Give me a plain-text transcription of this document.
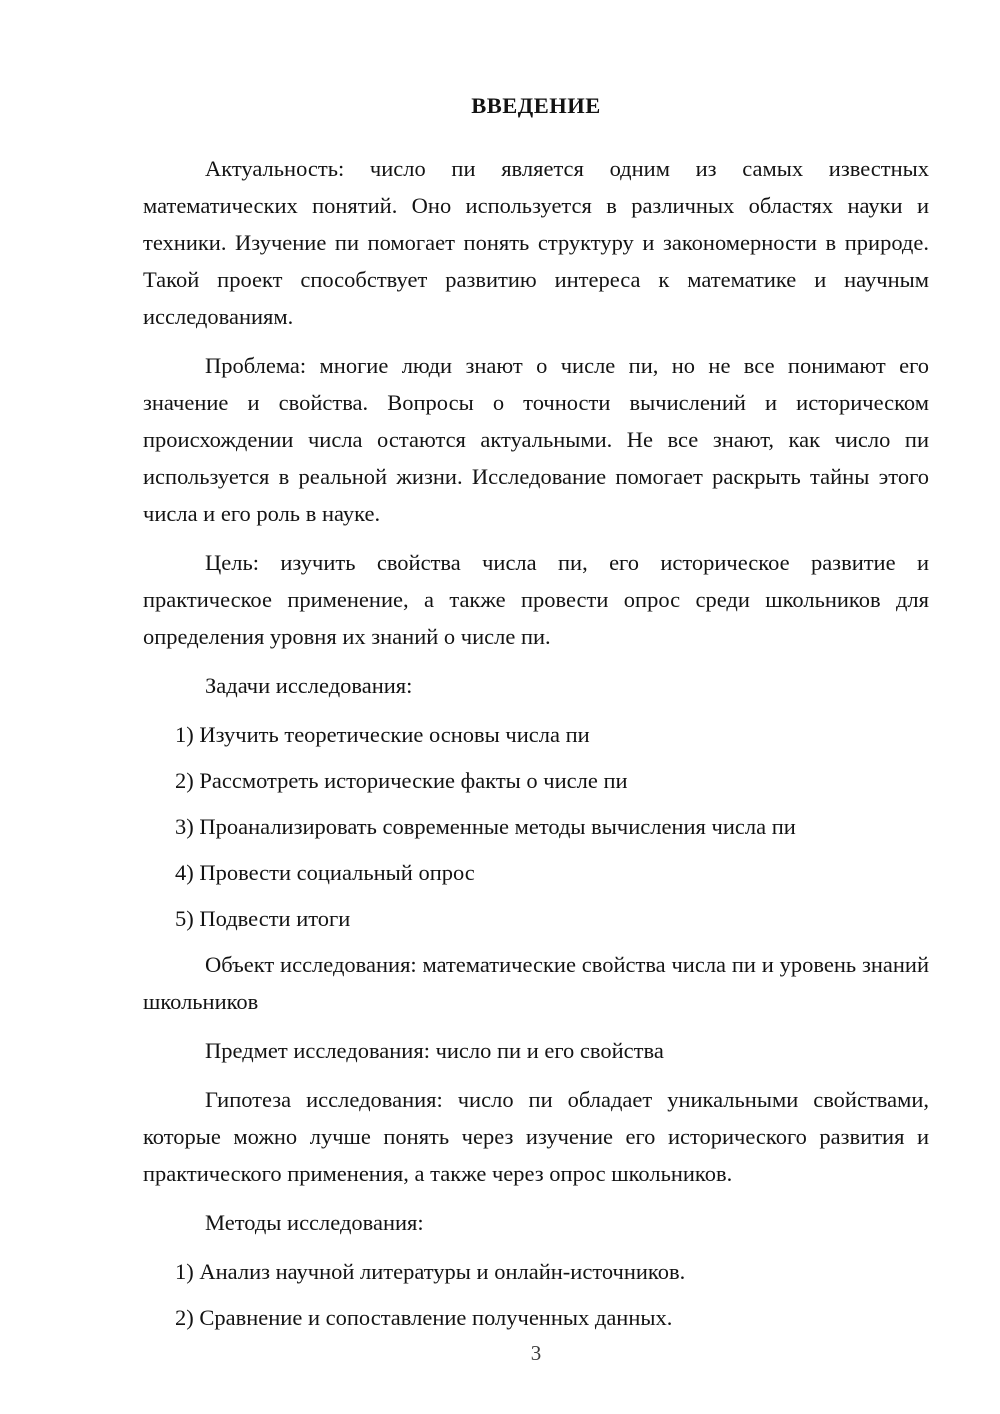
ВВЕДЕНИЕ

Актуальность: число пи является одним из самых известных математических понятий. Оно используется в различных областях науки и техники. Изучение пи помогает понять структуру и закономерности в природе. Такой проект способствует развитию интереса к математике и научным исследованиям.

Проблема: многие люди знают о числе пи, но не все понимают его значение и свойства. Вопросы о точности вычислений и историческом происхождении числа остаются актуальными. Не все знают, как число пи используется в реальной жизни. Исследование помогает раскрыть тайны этого числа и его роль в науке.

Цель: изучить свойства числа пи, его историческое развитие и практическое применение, а также провести опрос среди школьников для определения уровня их знаний о числе пи.

Задачи исследования:

1) Изучить теоретические основы числа пи

2) Рассмотреть исторические факты о числе пи

3) Проанализировать современные методы вычисления числа пи

4) Провести социальный опрос

5) Подвести итоги

Объект исследования: математические свойства числа пи и уровень знаний школьников

Предмет исследования: число пи и его свойства

Гипотеза исследования: число пи обладает уникальными свойствами, которые можно лучше понять через изучение его исторического развития и практического применения, а также через опрос школьников.

Методы исследования:

1) Анализ научной литературы и онлайн-источников.

2) Сравнение и сопоставление полученных данных.

3
